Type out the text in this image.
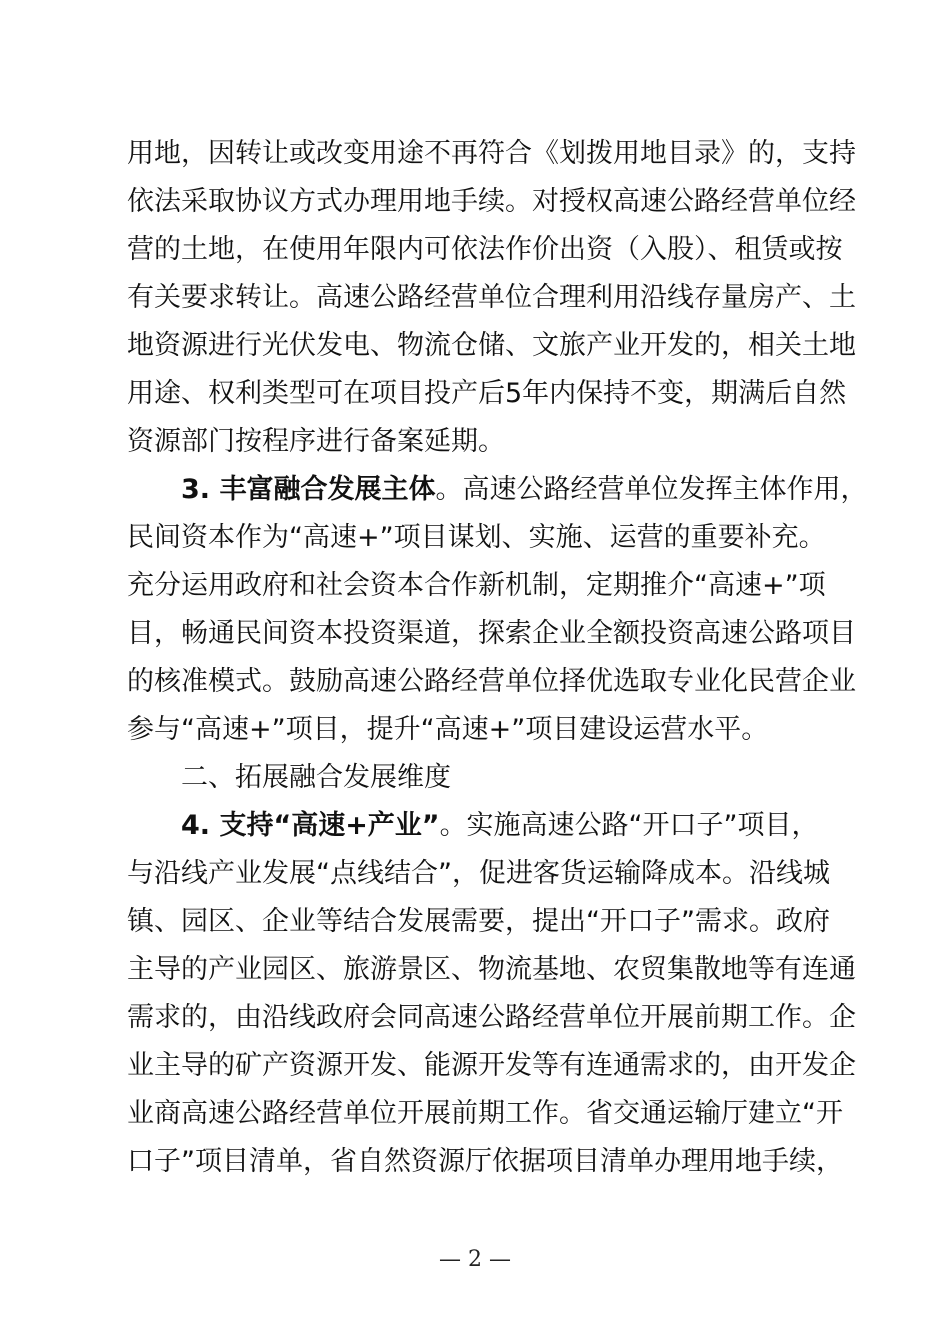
用地，因转让或改变用途不再符合《划拨用地目录》的，支持
依法采取协议方式办理用地手续。对授权高速公路经营单位经
营的土地，在使用年限内可依法作价出资（入股）、租赁或按
有关要求转让。高速公路经营单位合理利用沿线存量房产、土
地资源进行光伏发电、物流仓储、文旅产业开发的，相关土地
用途、权利类型可在项目投产后5年内保持不变，期满后自然
资源部门按程序进行备案延期。
3. 丰富融合发展主体。高速公路经营单位发挥主体作用，
民间资本作为“高速+”项目谋划、实施、运营的重要补充。
充分运用政府和社会资本合作新机制，定期推介“高速+”项
目，畅通民间资本投资渠道，探索企业全额投资高速公路项目
的核准模式。鼓励高速公路经营单位择优选取专业化民营企业
参与“高速+”项目，提升“高速+”项目建设运营水平。
二、拓展融合发展维度
4. 支持“高速+产业”。实施高速公路“开口子”项目，
与沿线产业发展“点线结合”，促进客货运输降成本。沿线城
镇、园区、企业等结合发展需要，提出“开口子”需求。政府
主导的产业园区、旅游景区、物流基地、农贸集散地等有连通
需求的，由沿线政府会同高速公路经营单位开展前期工作。企
业主导的矿产资源开发、能源开发等有连通需求的，由开发企
业商高速公路经营单位开展前期工作。省交通运输厅建立“开
口子”项目清单，省自然资源厅依据项目清单办理用地手续，
— 2 —
